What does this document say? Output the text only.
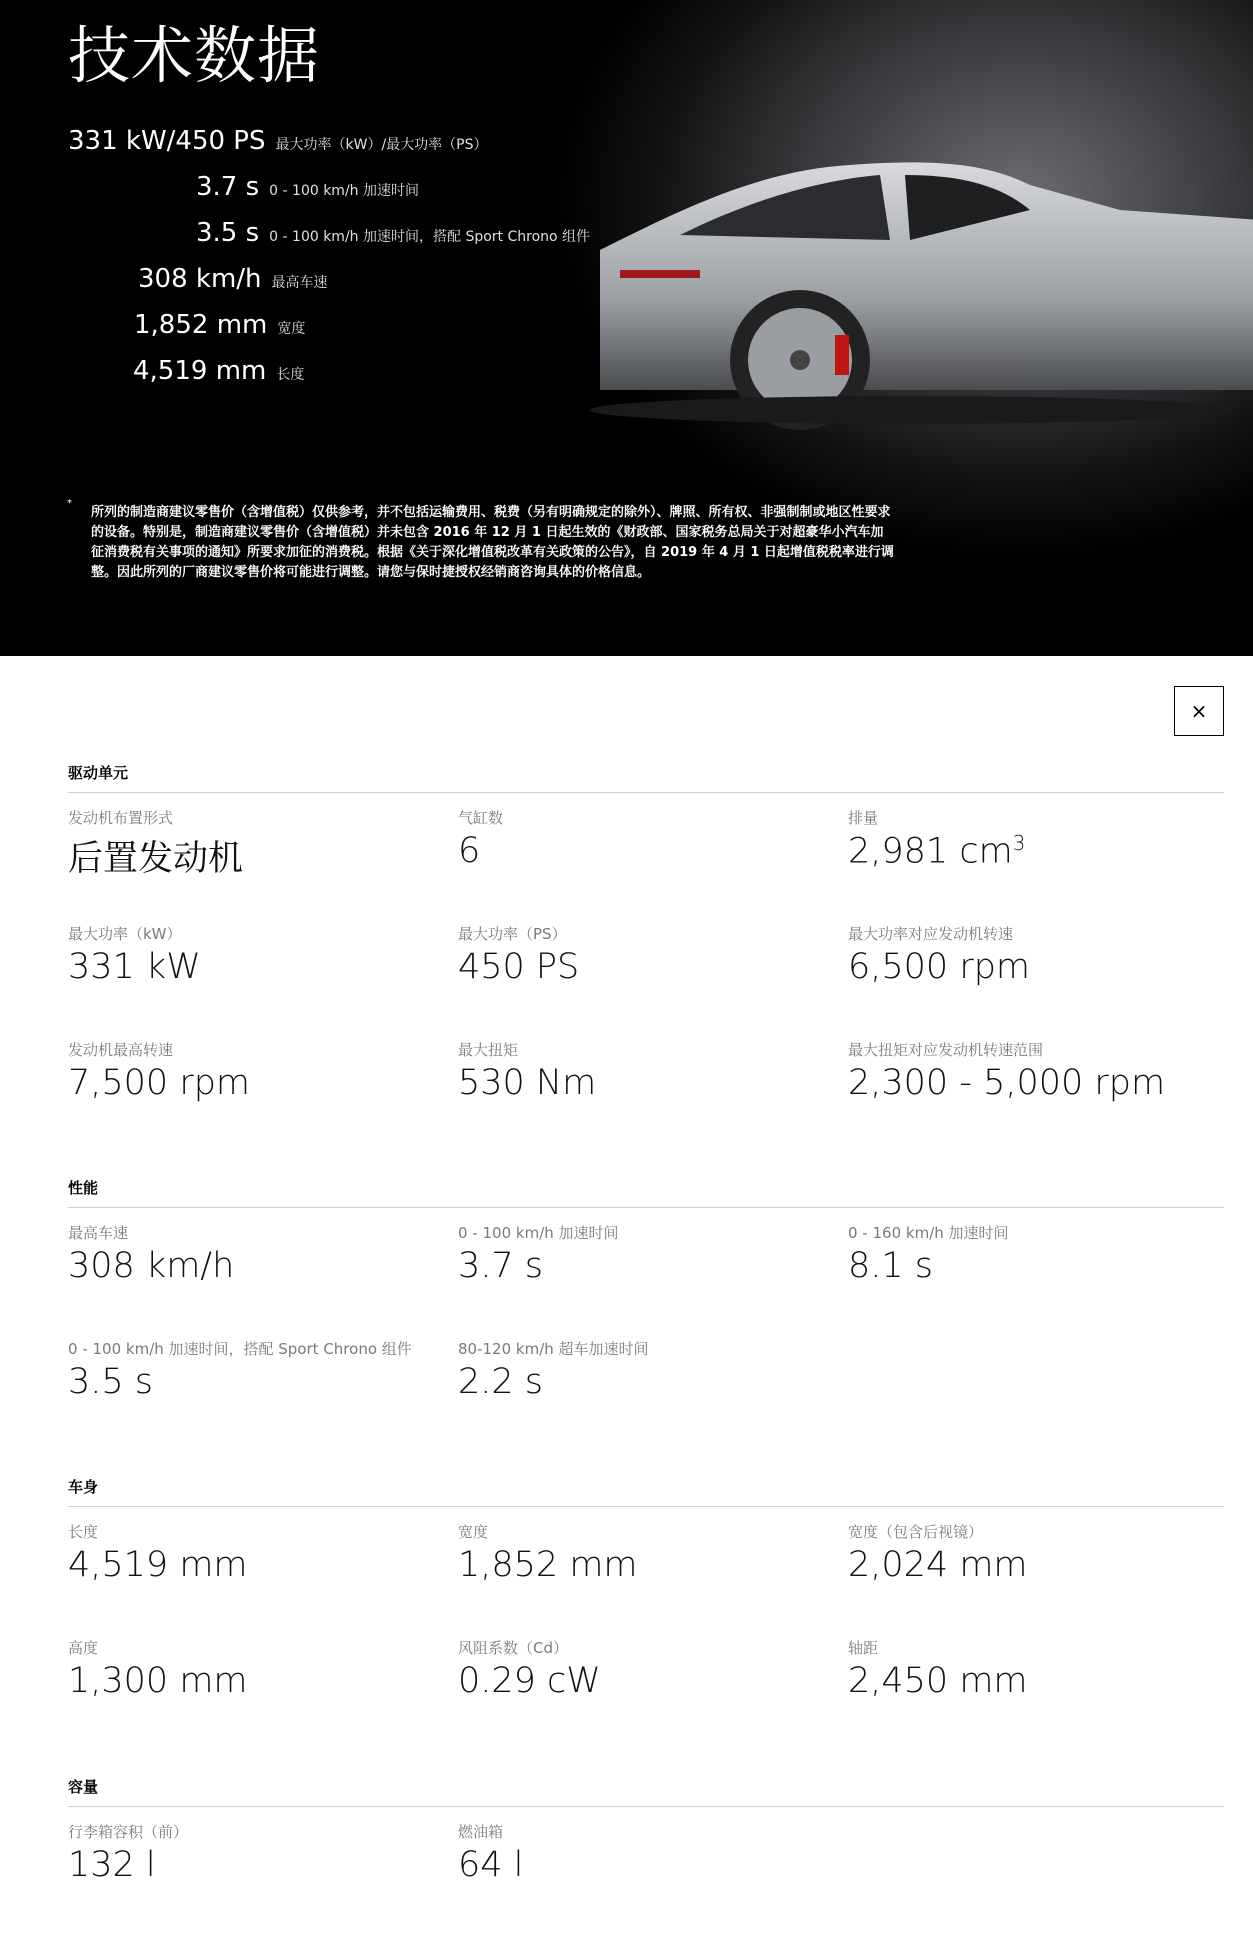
技术数据
331 kW/450 PS 最大功率（kW）/最大功率（PS）
3.7 s 0 - 100 km/h 加速时间
3.5 s 0 - 100 km/h 加速时间，搭配 Sport Chrono 组件
308 km/h 最高车速
1,852 mm 宽度
4,519 mm 长度
*
所列的制造商建议零售价（含增值税）仅供参考，并不包括运输费用、税费（另有明确规定的除外）、牌照、所有权、非强制制或地区性要求的设备。特别是，制造商建议零售价（含增值税）并未包含 2016 年 12 月 1 日起生效的《财政部、国家税务总局关于对超豪华小汽车加征消费税有关事项的通知》所要求加征的消费税。根据《关于深化增值税改革有关政策的公告》，自 2019 年 4 月 1 日起增值税税率进行调整。因此所列的厂商建议零售价将可能进行调整。请您与保时捷授权经销商咨询具体的价格信息。
×
驱动单元
发动机布置形式
后置发动机
气缸数
6
排量
2,981 $cm^3$
最大功率（kW）
331 kW
最大功率（PS）
450 PS
最大功率对应发动机转速
6,500 rpm
发动机最高转速
7,500 rpm
最大扭矩
530 Nm
最大扭矩对应发动机转速范围
2,300 - 5,000 rpm
性能
最高车速
308 km/h
0 - 100 km/h 加速时间
3.7 s
0 - 160 km/h 加速时间
8.1 s
0 - 100 km/h 加速时间，搭配 Sport Chrono 组件
3.5 s
80-120 km/h 超车加速时间
2.2 s
车身
长度
4,519 mm
宽度
1,852 mm
宽度（包含后视镜）
2,024 mm
高度
1,300 mm
风阻系数（Cd）
0.29 cW
轴距
2,450 mm
容量
行李箱容积（前）
132 l
燃油箱
64 l
